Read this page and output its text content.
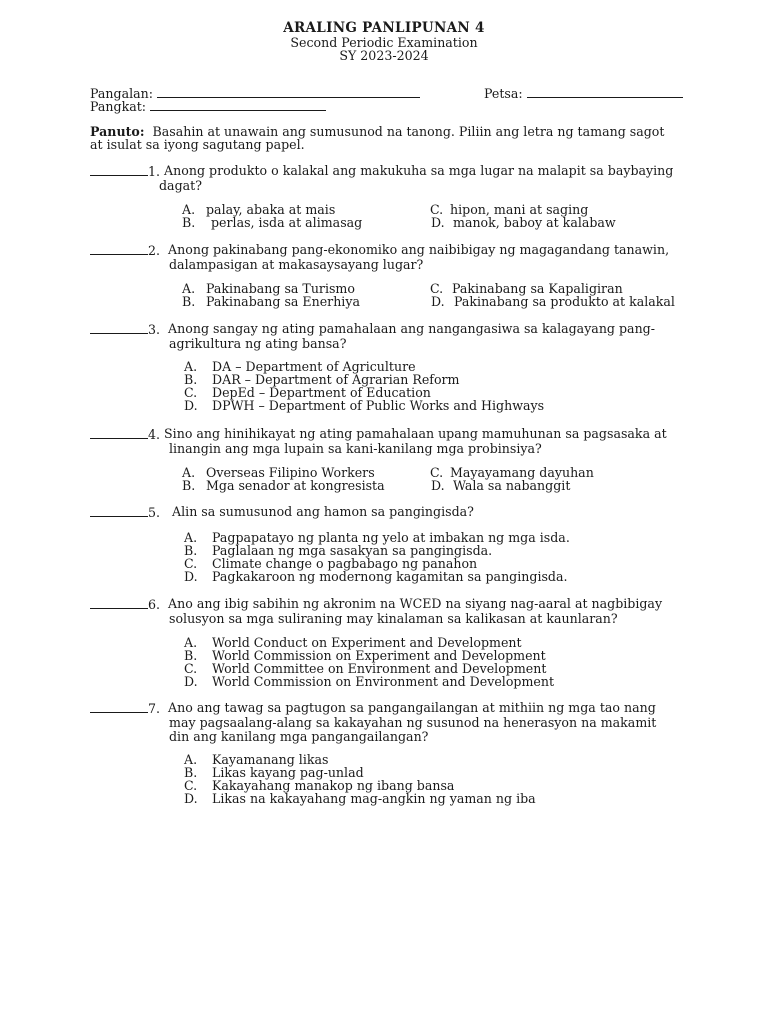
ARALING PANLIPUNAN 4
Second Periodic Examination
SY 2023-2024
Pangalan:	Petsa:
Pangkat:
Panuto: Basahin at unawain ang sumusunod na tanong. Piliin ang letra ng tamang sagot
at isulat sa iyong sagutang papel.
1.
Anong produkto o kalakal ang makukuha sa mga lugar na malapit sa baybaying
dagat?
A. palay, abaka at mais
B. perlas, isda at alimasag
C. hipon, mani at saging
D. manok, baboy at kalabaw
2.
Anong pakinabang pang-ekonomiko ang naibibigay ng magagandang tanawin,
dalampasigan at makasaysayang lugar?
A. Pakinabang sa Turismo
B. Pakinabang sa Enerhiya
C. Pakinabang sa Kapaligiran
D. Pakinabang sa produkto at kalakal
3.
Anong sangay ng ating pamahalaan ang nangangasiwa sa kalagayang pang-
agrikultura ng ating bansa?
A. DA – Department of Agriculture
B. DAR – Department of Agrarian Reform
C. DepEd – Department of Education
D. DPWH – Department of Public Works and Highways
4.
Sino ang hinihikayat ng ating pamahalaan upang mamuhunan sa pagsasaka at
linangin ang mga lupain sa kani-kanilang mga probinsiya?
A. Overseas Filipino Workers
B. Mga senador at kongresista
C. Mayayamang dayuhan
D. Wala sa nabanggit
5.
Alin sa sumusunod ang hamon sa pangingisda?
A. Pagpapatayo ng planta ng yelo at imbakan ng mga isda.
B. Paglalaan ng mga sasakyan sa pangingisda.
C. Climate change o pagbabago ng panahon
D. Pagkakaroon ng modernong kagamitan sa pangingisda.
6.
Ano ang ibig sabihin ng akronim na WCED na siyang nag-aaral at nagbibigay
solusyon sa mga suliraning may kinalaman sa kalikasan at kaunlaran?
A. World Conduct on Experiment and Development
B. World Commission on Experiment and Development
C. World Committee on Environment and Development
D. World Commission on Environment and Development
7.
Ano ang tawag sa pagtugon sa pangangailangan at mithiin ng mga tao nang
may pagsaalang-alang sa kakayahan ng susunod na henerasyon na makamit
din ang kanilang mga pangangailangan?
A. Kayamanang likas
B. Likas kayang pag-unlad
C. Kakayahang manakop ng ibang bansa
D. Likas na kakayahang mag-angkin ng yaman ng iba
